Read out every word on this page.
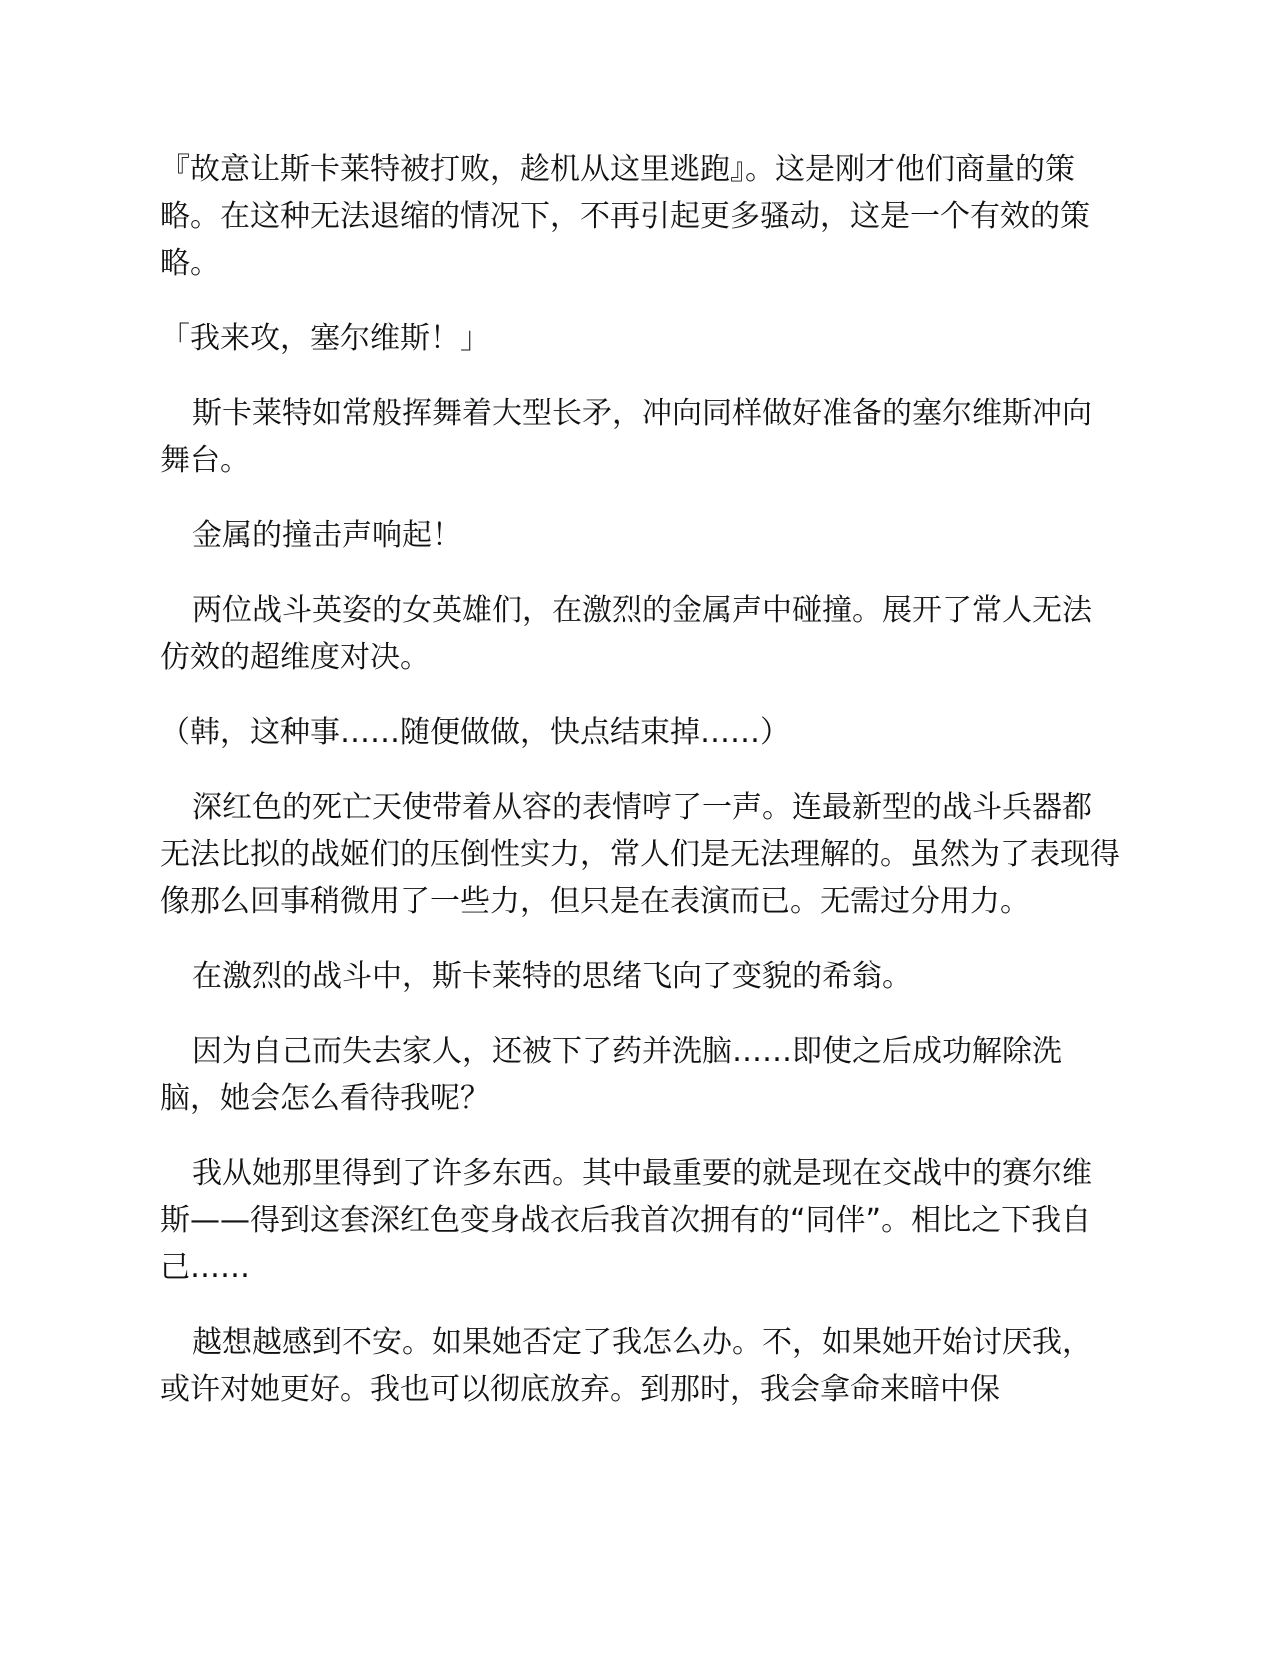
『故意让斯卡莱特被打败，趁机从这里逃跑』。这是刚才他们商量的策略。在这种无法退缩的情况下，不再引起更多骚动，这是一个有效的策略。

「我来攻，塞尔维斯！」

斯卡莱特如常般挥舞着大型长矛，冲向同样做好准备的塞尔维斯冲向舞台。

金属的撞击声响起！

两位战斗英姿的女英雄们，在激烈的金属声中碰撞。展开了常人无法仿效的超维度对决。

（韩，这种事……随便做做，快点结束掉……）

深红色的死亡天使带着从容的表情哼了一声。连最新型的战斗兵器都无法比拟的战姬们的压倒性实力，常人们是无法理解的。虽然为了表现得像那么回事稍微用了一些力，但只是在表演而已。无需过分用力。

在激烈的战斗中，斯卡莱特的思绪飞向了变貌的希翁。

因为自己而失去家人，还被下了药并洗脑……即使之后成功解除洗脑，她会怎么看待我呢？

我从她那里得到了许多东西。其中最重要的就是现在交战中的赛尔维斯——得到这套深红色变身战衣后我首次拥有的“同伴”。相比之下我自己……

越想越感到不安。如果她否定了我怎么办。不，如果她开始讨厌我，或许对她更好。我也可以彻底放弃。到那时，我会拿命来暗中保
